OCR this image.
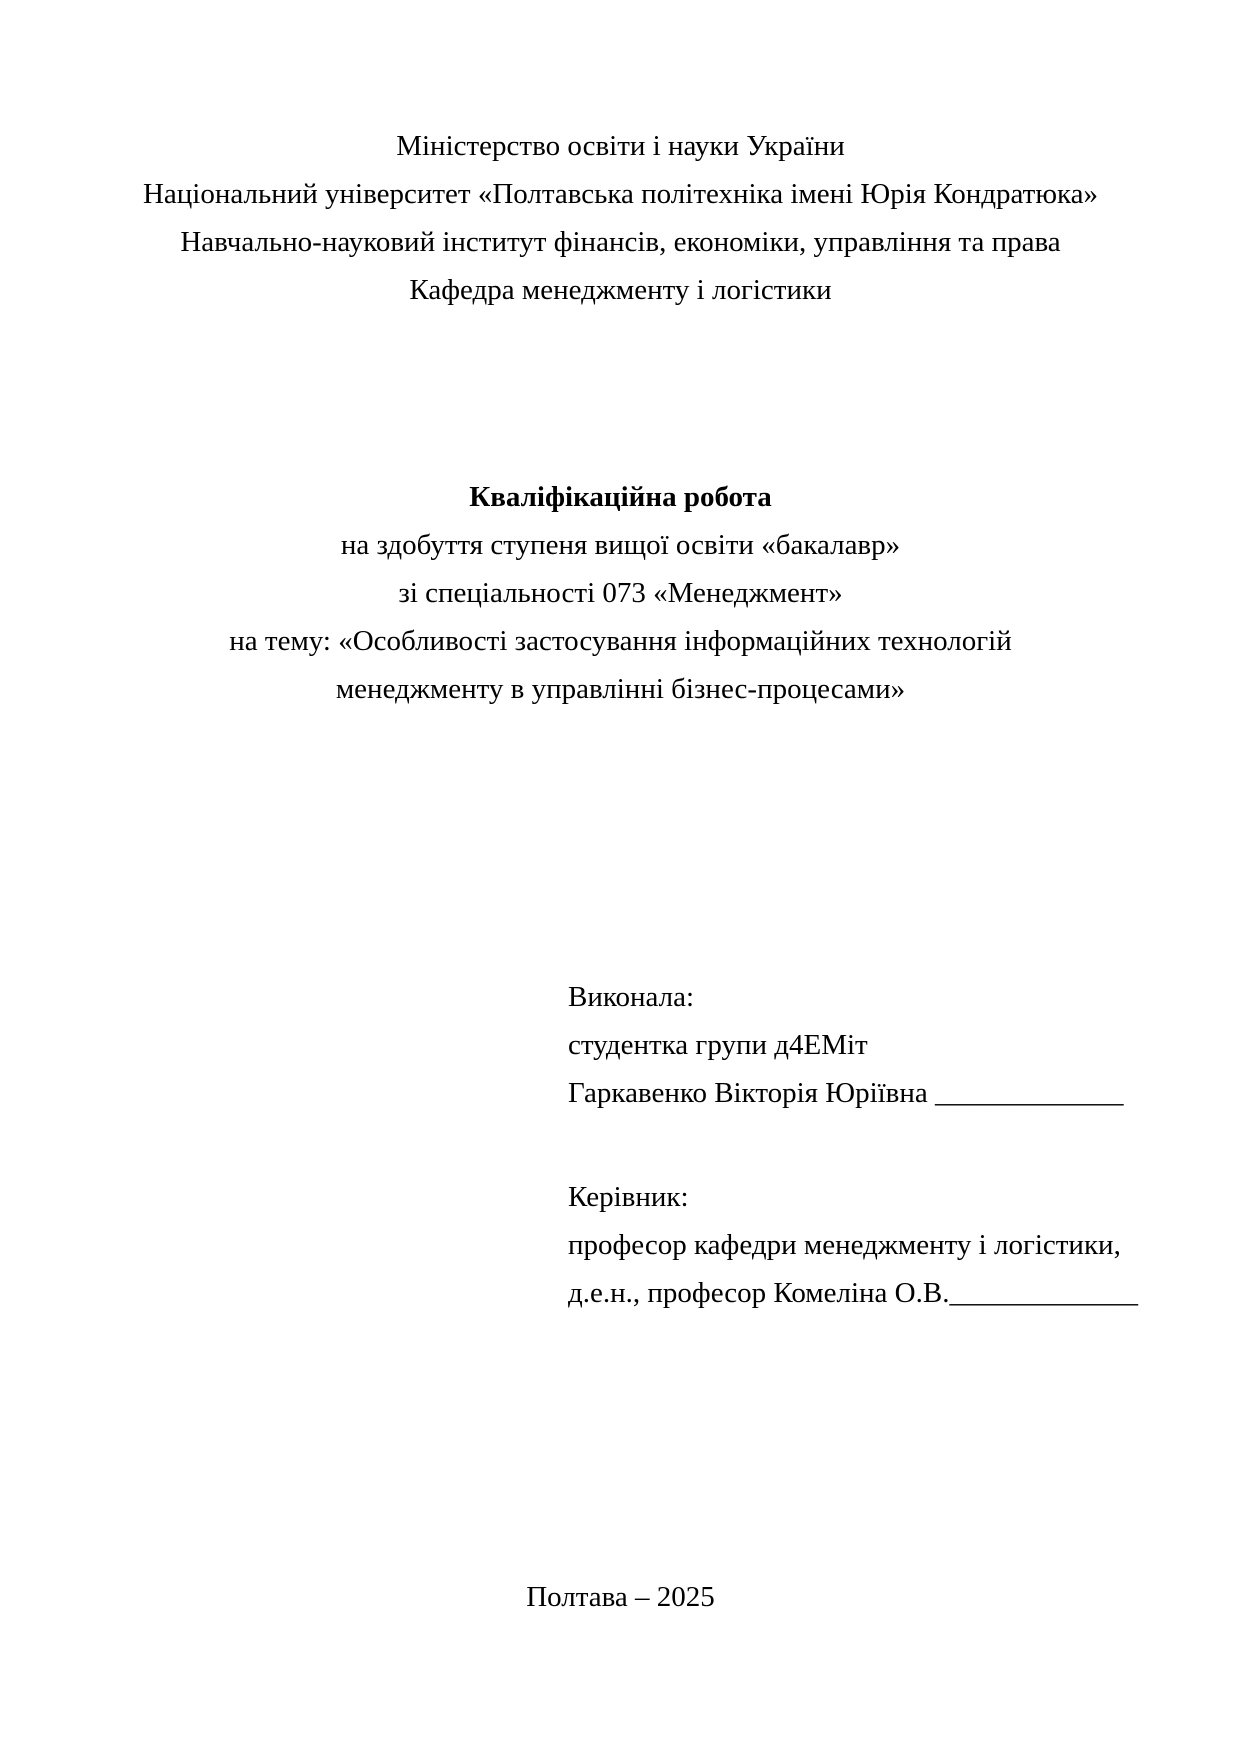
Міністерство освіти і науки України
Національний університет «Полтавська політехніка імені Юрія Кондратюка»
Навчально-науковий інститут фінансів, економіки, управління та права
Кафедра менеджменту і логістики
Кваліфікаційна робота
на здобуття ступеня вищої освіти «бакалавр»
зі спеціальності 073 «Менеджмент»
на тему: «Особливості застосування інформаційних технологій
менеджменту в управлінні бізнес-процесами»
Виконала:
студентка групи д4ЕМіт
Гаркавенко Вікторія Юріївна _____________
Керівник:
професор кафедри менеджменту і логістики,
д.е.н., професор Комеліна О.В._____________
Полтава – 2025
